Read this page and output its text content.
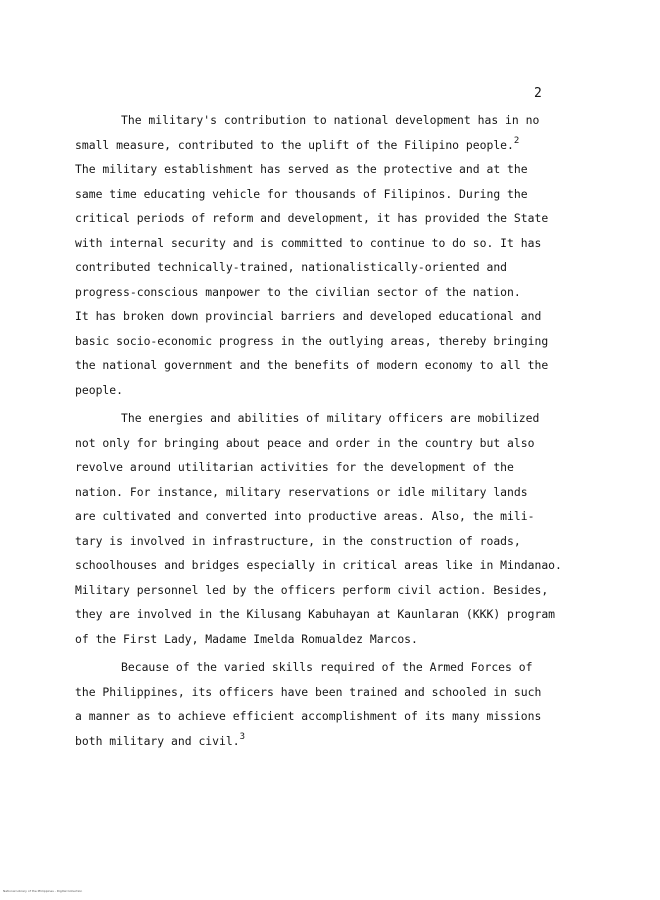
2
The military's contribution to national development has in no
small measure, contributed to the uplift of the Filipino people.$^2$
The military establishment has served as the protective and at the
same time educating vehicle for thousands of Filipinos. During the
critical periods of reform and development, it has provided the State
with internal security and is committed to continue to do so. It has
contributed technically-trained, nationalistically-oriented and
progress-conscious manpower to the civilian sector of the nation.
It has broken down provincial barriers and developed educational and
basic socio-economic progress in the outlying areas, thereby bringing
the national government and the benefits of modern economy to all the
people.
The energies and abilities of military officers are mobilized
not only for bringing about peace and order in the country but also
revolve around utilitarian activities for the development of the
nation. For instance, military reservations or idle military lands
are cultivated and converted into productive areas. Also, the mili-
tary is involved in infrastructure, in the construction of roads,
schoolhouses and bridges especially in critical areas like in Mindanao.
Military personnel led by the officers perform civil action. Besides,
they are involved in the Kilusang Kabuhayan at Kaunlaran (KKK) program
of the First Lady, Madame Imelda Romualdez Marcos.
Because of the varied skills required of the Armed Forces of
the Philippines, its officers have been trained and schooled in such
a manner as to achieve efficient accomplishment of its many missions
both military and civil.$^3$
National Library of the Philippines - Digital Collection
